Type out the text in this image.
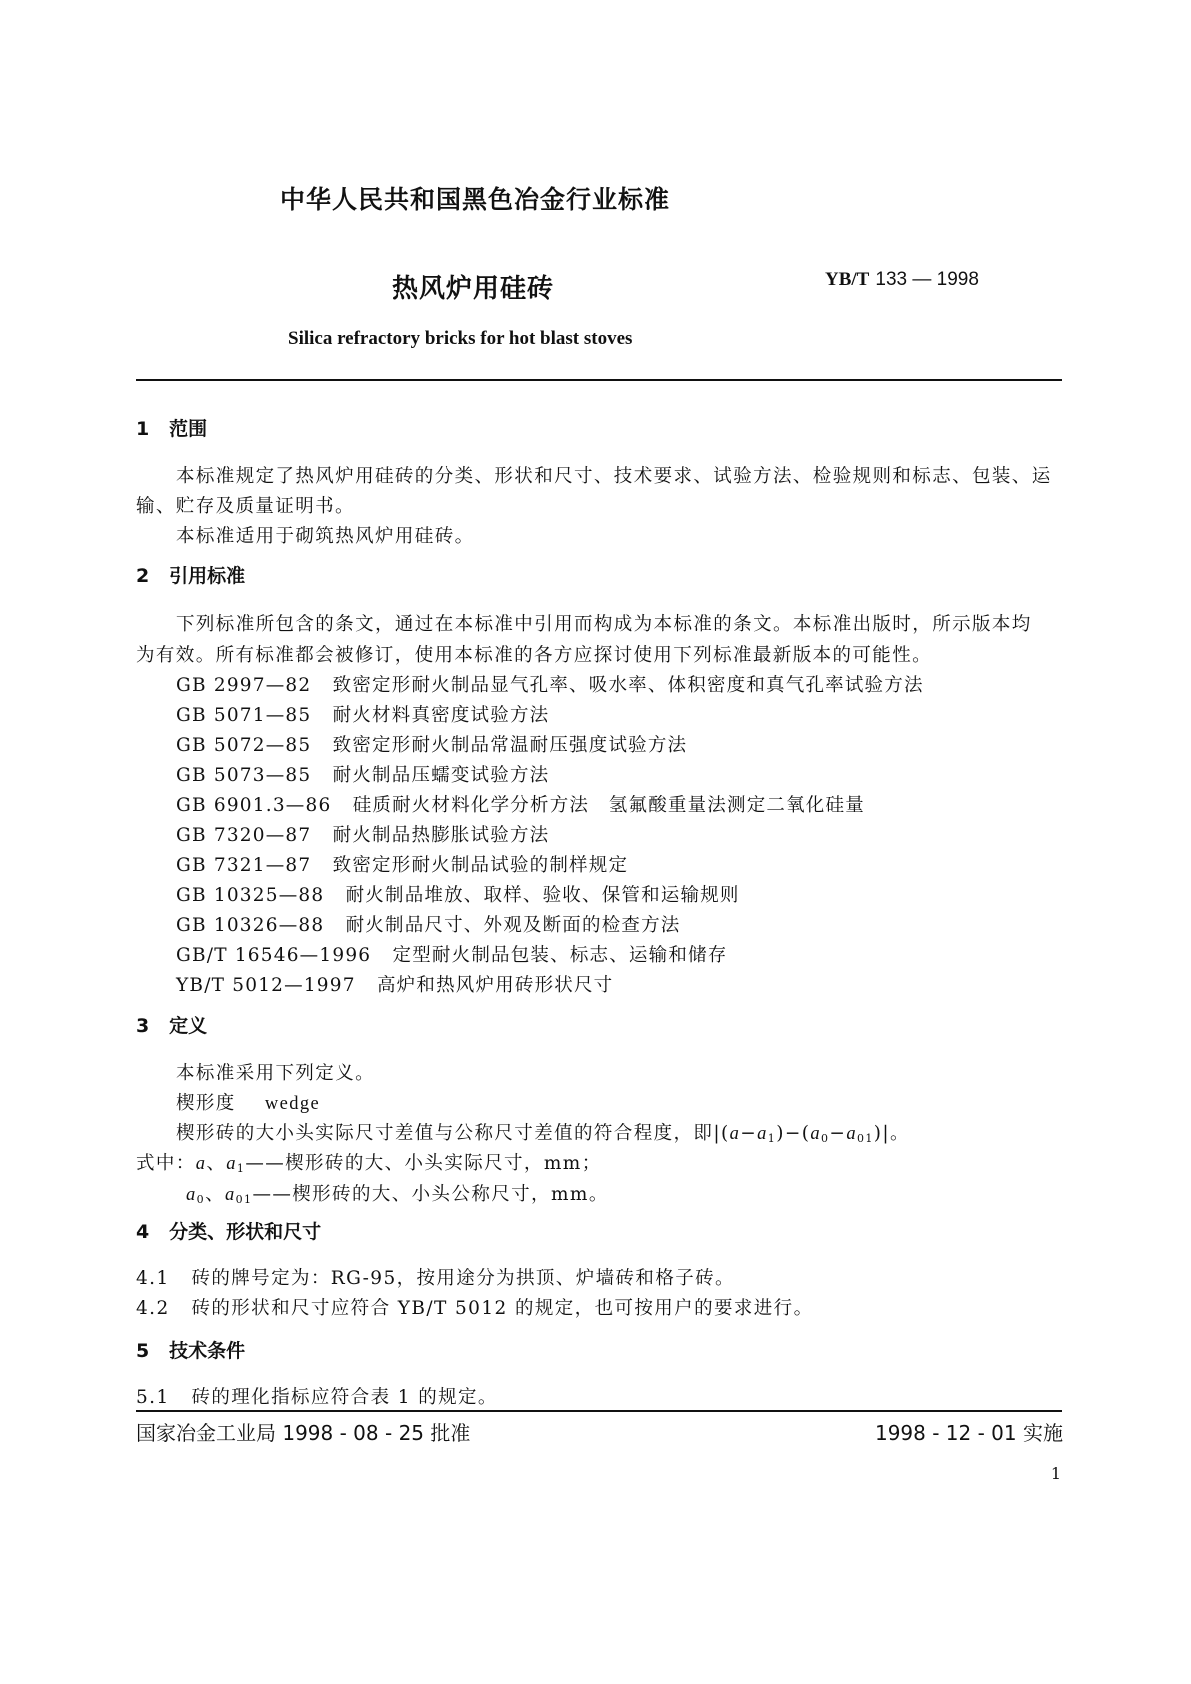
中华人民共和国黑色冶金行业标准
热风炉用硅砖	YB/T 133 — 1998
Silica refractory bricks for hot blast stoves
1 范围
本标准规定了热风炉用硅砖的分类、形状和尺寸、技术要求、试验方法、检验规则和标志、包装、运
输、贮存及质量证明书。
本标准适用于砌筑热风炉用硅砖。
2 引用标准
下列标准所包含的条文，通过在本标准中引用而构成为本标准的条文。本标准出版时，所示版本均
为有效。所有标准都会被修订，使用本标准的各方应探讨使用下列标准最新版本的可能性。
GB 2997—82 致密定形耐火制品显气孔率、吸水率、体积密度和真气孔率试验方法
GB 5071—85 耐火材料真密度试验方法
GB 5072—85 致密定形耐火制品常温耐压强度试验方法
GB 5073—85 耐火制品压蠕变试验方法
GB 6901.3—86 硅质耐火材料化学分析方法　氢氟酸重量法测定二氧化硅量
GB 7320—87 耐火制品热膨胀试验方法
GB 7321—87 致密定形耐火制品试验的制样规定
GB 10325—88 耐火制品堆放、取样、验收、保管和运输规则
GB 10326—88 耐火制品尺寸、外观及断面的检查方法
GB/T 16546—1996 定型耐火制品包装、标志、运输和储存
YB/T 5012—1997 高炉和热风炉用砖形状尺寸
3 定义
本标准采用下列定义。
楔形度 wedge
楔形砖的大小头实际尺寸差值与公称尺寸差值的符合程度，即$|(a-a_1)-(a_0-a_{01})|$。
式中：a、$a_1——$楔形砖的大、小头实际尺寸，mm；
$a_0$、$a_{01}——$楔形砖的大、小头公称尺寸，mm。
4 分类、形状和尺寸
4.1 砖的牌号定为：RG-95，按用途分为拱顶、炉墙砖和格子砖。
4.2 砖的形状和尺寸应符合 YB/T 5012 的规定，也可按用户的要求进行。
5 技术条件
5.1 砖的理化指标应符合表 1 的规定。
国家冶金工业局 1998 - 08 - 25 批准	1998 - 12 - 01 实施
1
